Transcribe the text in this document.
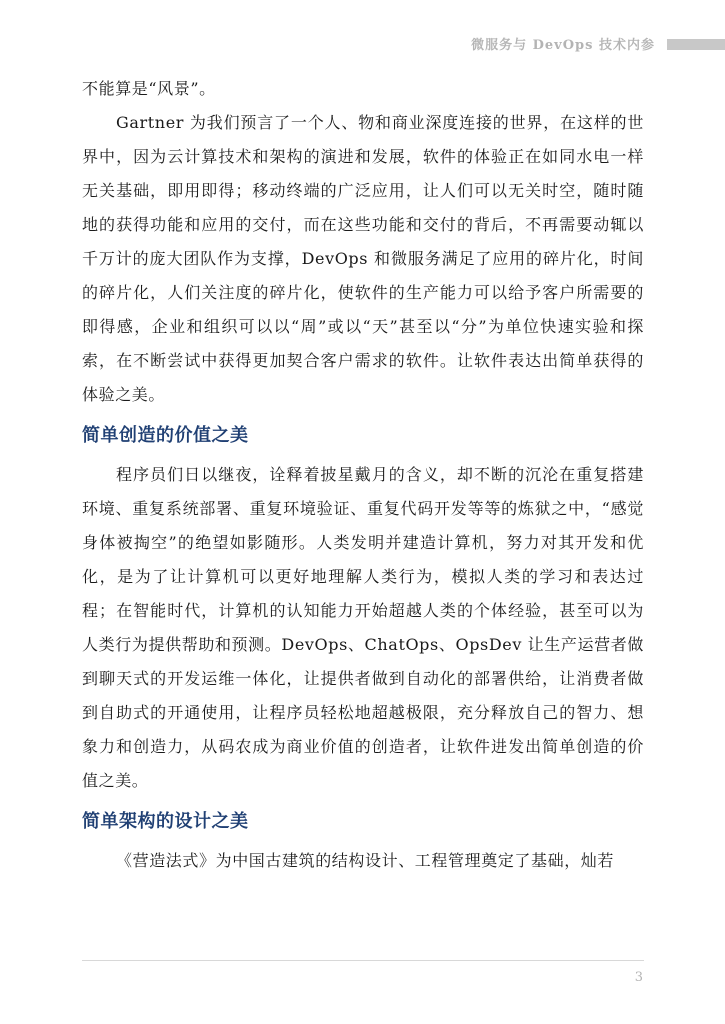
微服务与 DevOps 技术内参

不能算是“风景”。

Gartner 为我们预言了一个人、物和商业深度连接的世界，在这样的世界中，因为云计算技术和架构的演进和发展，软件的体验正在如同水电一样无关基础，即用即得；移动终端的广泛应用，让人们可以无关时空，随时随地的获得功能和应用的交付，而在这些功能和交付的背后，不再需要动辄以千万计的庞大团队作为支撑，DevOps 和微服务满足了应用的碎片化，时间的碎片化，人们关注度的碎片化，使软件的生产能力可以给予客户所需要的即得感，企业和组织可以以“周”或以“天”甚至以“分”为单位快速实验和探索，在不断尝试中获得更加契合客户需求的软件。让软件表达出简单获得的体验之美。

简单创造的价值之美

程序员们日以继夜，诠释着披星戴月的含义，却不断的沉沦在重复搭建环境、重复系统部署、重复环境验证、重复代码开发等等的炼狱之中，“感觉身体被掏空”的绝望如影随形。人类发明并建造计算机，努力对其开发和优化，是为了让计算机可以更好地理解人类行为，模拟人类的学习和表达过程；在智能时代，计算机的认知能力开始超越人类的个体经验，甚至可以为人类行为提供帮助和预测。DevOps、ChatOps、OpsDev 让生产运营者做到聊天式的开发运维一体化，让提供者做到自动化的部署供给，让消费者做到自助式的开通使用，让程序员轻松地超越极限，充分释放自己的智力、想象力和创造力，从码农成为商业价值的创造者，让软件进发出简单创造的价值之美。

简单架构的设计之美

《营造法式》为中国古建筑的结构设计、工程管理奠定了基础，灿若

3
